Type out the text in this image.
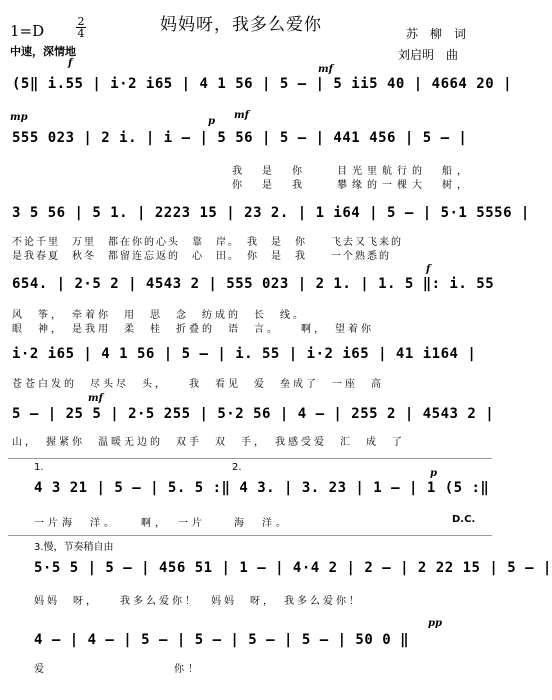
妈妈呀，我多么爱你
1=D
2
4
中速，深情地
苏　柳　词
刘启明　曲
f
mf
(5‖ i.55 | i·2 i65 | 4 1 56 | 5 — | 5 ii5 40 | 4664 20 |
mp	p
mf
555 023 | 2 i. | i — | 5 56 | 5 — | 441 456 | 5 — |
我　是　你　　目光里航行的　船，
你　是　我　　攀缘的一棵大　树，
3 5 56 | 5 1. | 2223 15 | 23 2. | 1 i64 | 5 — | 5·1 5556 |
不论千里　万里　都在你的心头　靠　岸。　我　是　你　　飞去又飞来的
是我春夏　秋冬　都留连忘返的　心　田。　你　是　我　　一个熟悉的
f
654. | 2·5 2 | 4543 2 | 555 023 | 2 1. | 1. 5 ‖: i. 55
风　筝，　牵着你　用　思　念　纺成的　长　线。
眼　神，　是我用　柔　桂　折叠的　语　言。　　啊，　望着你
i·2 i65 | 4 1 56 | 5 — | i. 55 | i·2 i65 | 41 i164 |
苍苍白发的　尽头尽　头，　　我　看见　爱　垒成了　一座　高
mf
5 — | 25 5 | 2·5 255 | 5·2 56 | 4 — | 255 2 | 4543 2 |
山，　握紧你　温暖无边的　双手　双　手，　我感受爱　汇　成　了
1.	2.
p
4 3 21 | 5 — | 5. 5 :‖ 4 3. | 3. 23 | 1 — | 1 (5 :‖
一片海　洋。　　啊，　一片　　海　洋。	D.C.
3.慢，节奏稍自由
5·5 5 | 5 — | 456 51 | 1 — | 4·4 2 | 2 — | 2 22 15 | 5 — |
妈妈　呀，　　我多么爱你！　妈妈　呀，　我多么爱你！
pp
4 — | 4 — | 5 — | 5 — | 5 — | 5 — | 50 0 ‖
爱　　　　　　　　　你！
